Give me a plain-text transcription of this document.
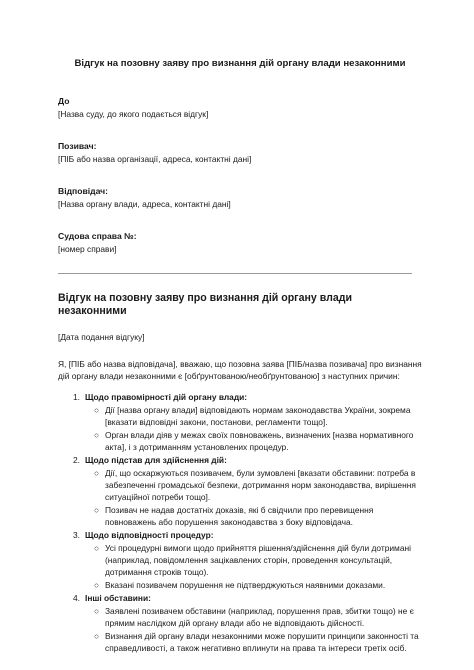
Відгук на позовну заяву про визнання дій органу влади незаконними
До
[Назва суду, до якого подається відгук]
Позивач:
[ПІБ або назва організації, адреса, контактні дані]
Відповідач:
[Назва органу влади, адреса, контактні дані]
Судова справа №:
[номер справи]
Відгук на позовну заяву про визнання дій органу влади незаконними
[Дата подання відгуку]
Я, [ПІБ або назва відповідача], вважаю, що позовна заява [ПІБ/назва позивача] про визнання дій органу влади незаконними є [обґрунтованою/необґрунтованою] з наступних причин:
1. Щодо правомірності дій органу влади:
○ Дії [назва органу влади] відповідають нормам законодавства України, зокрема [вказати відповідні закони, постанови, регламенти тощо].
○ Орган влади діяв у межах своїх повноважень, визначених [назва нормативного акта], і з дотриманням установлених процедур.
2. Щодо підстав для здійснення дій:
○ Дії, що оскаржуються позивачем, були зумовлені [вказати обставини: потреба в забезпеченні громадської безпеки, дотримання норм законодавства, вирішення ситуаційної потреби тощо].
○ Позивач не надав достатніх доказів, які б свідчили про перевищення повноважень або порушення законодавства з боку відповідача.
3. Щодо відповідності процедур:
○ Усі процедурні вимоги щодо прийняття рішення/здійснення дій були дотримані (наприклад, повідомлення зацікавлених сторін, проведення консультацій, дотримання строків тощо).
○ Вказані позивачем порушення не підтверджуються наявними доказами.
4. Інші обставини:
○ Заявлені позивачем обставини (наприклад, порушення прав, збитки тощо) не є прямим наслідком дій органу влади або не відповідають дійсності.
○ Визнання дій органу влади незаконними може порушити принципи законності та справедливості, а також негативно вплинути на права та інтереси третіх осіб.
